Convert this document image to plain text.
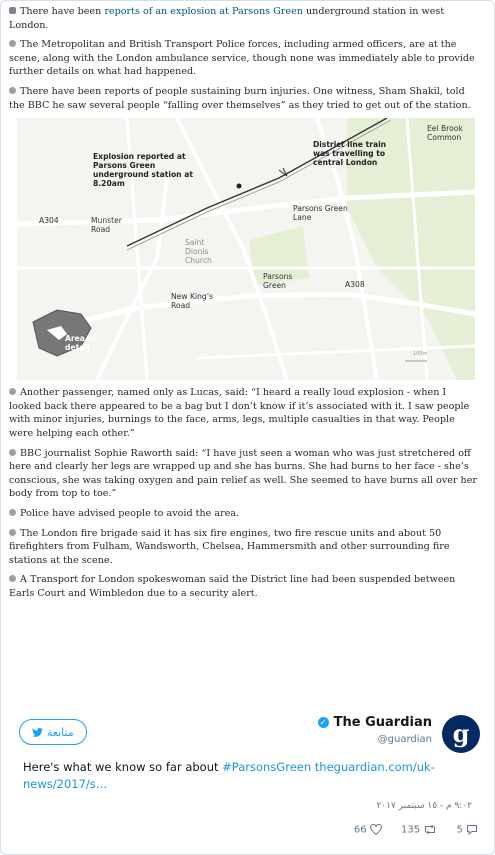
There have been reports of an explosion at Parsons Green underground station in west London.

The Metropolitan and British Transport Police forces, including armed officers, are at the scene, along with the London ambulance service, though none was immediately able to provide further details on what had happened.

There have been reports of people sustaining burn injuries. One witness, Sham Shakil, told the BBC he saw several people “falling over themselves” as they tried to get out of the station.

Explosion reported at Parsons Green underground station at 8.20am
District line train was travelling to central London
Eel Brook Common
Parsons Green Lane
A304	Munster Road
Saint Dionis Church
Parsons Green	A308
New King’s Road
Area of detail
100m

Another passenger, named only as Lucas, said: “I heard a really loud explosion - when I looked back there appeared to be a bag but I don’t know if it’s associated with it. I saw people with minor injuries, burnings to the face, arms, legs, multiple casualties in that way. People were helping each other.”

BBC journalist Sophie Raworth said: “I have just seen a woman who was just stretchered off here and clearly her legs are wrapped up and she has burns. She had burns to her face - she’s conscious, she was taking oxygen and pain relief as well. She seemed to have burns all over her body from top to toe.”

Police have advised people to avoid the area.

The London fire brigade said it has six fire engines, two fire rescue units and about 50 firefighters from Fulham, Wandsworth, Chelsea, Hammersmith and other surrounding fire stations at the scene.

A Transport for London spokeswoman said the District line had been suspended between Earls Court and Wimbledon due to a security alert.

متابعة
✓ The Guardian
@guardian g
Here's what we know so far about #ParsonsGreen theguardian.com/uk-news/2017/s…
٩:٠٢ م - ١٥ سبتمبر ٢٠١٧
66	135	5
